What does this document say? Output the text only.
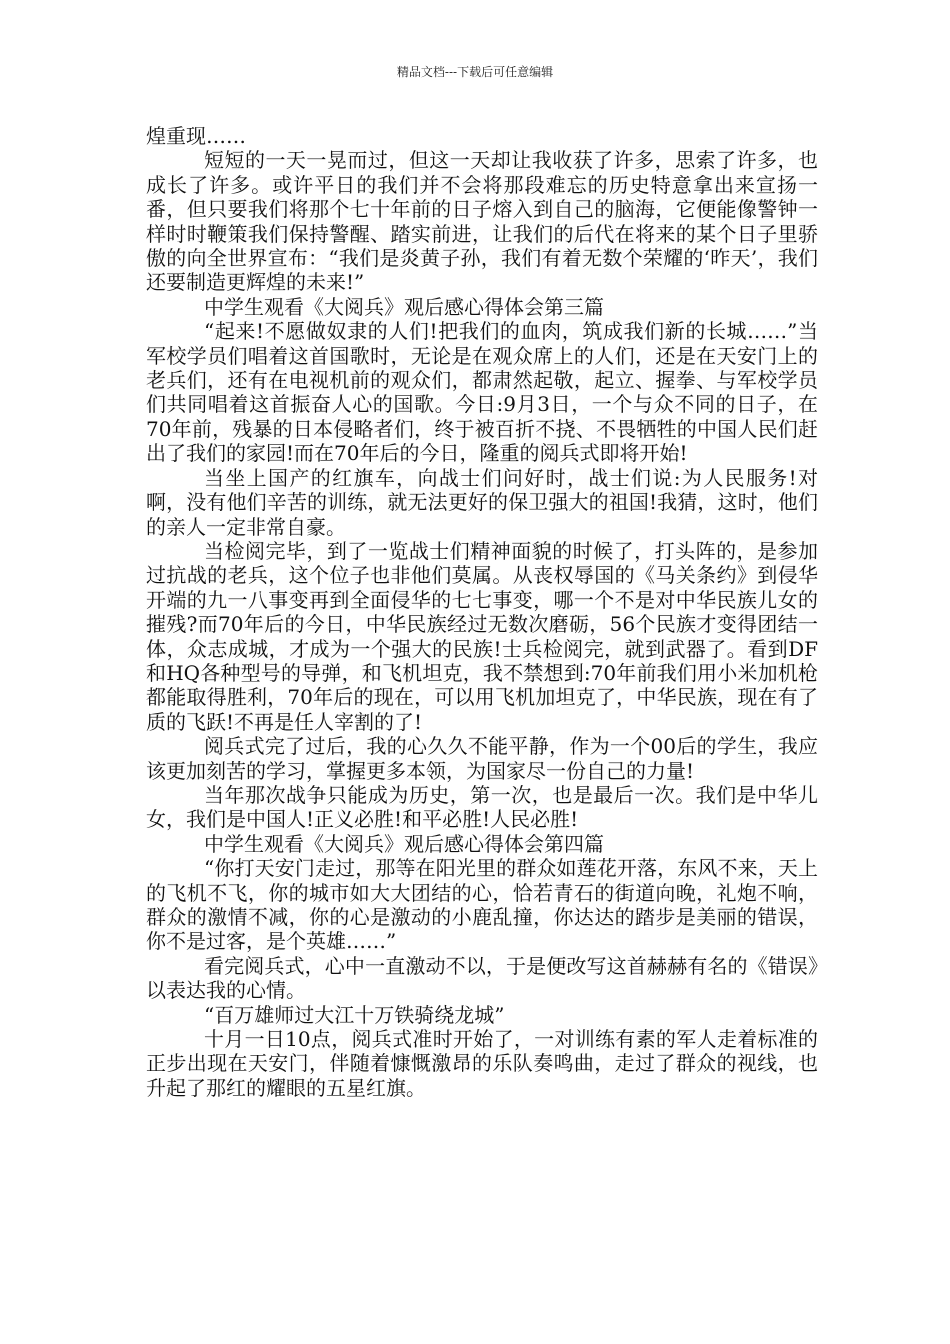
精品文档---下载后可任意编辑

煌重现……

短短的一天一晃而过，但这一天却让我收获了许多，思索了许多，也成长了许多。或许平日的我们并不会将那段难忘的历史特意拿出来宣扬一番，但只要我们将那个七十年前的日子熔入到自己的脑海，它便能像警钟一样时时鞭策我们保持警醒、踏实前进，让我们的后代在将来的某个日子里骄傲的向全世界宣布：“我们是炎黄子孙，我们有着无数个荣耀的‘昨天’，我们还要制造更辉煌的未来!”

中学生观看《大阅兵》观后感心得体会第三篇

“起来!不愿做奴隶的人们!把我们的血肉，筑成我们新的长城……”当军校学员们唱着这首国歌时，无论是在观众席上的人们，还是在天安门上的老兵们，还有在电视机前的观众们，都肃然起敬，起立、握拳、与军校学员们共同唱着这首振奋人心的国歌。今日:9月3日，一个与众不同的日子，在70年前，残暴的日本侵略者们，终于被百折不挠、不畏牺牲的中国人民们赶出了我们的家园!而在70年后的今日，隆重的阅兵式即将开始!

当坐上国产的红旗车，向战士们问好时，战士们说:为人民服务!对啊，没有他们辛苦的训练，就无法更好的保卫强大的祖国!我猜，这时，他们的亲人一定非常自豪。

当检阅完毕，到了一览战士们精神面貌的时候了，打头阵的，是参加过抗战的老兵，这个位子也非他们莫属。从丧权辱国的《马关条约》到侵华开端的九一八事变再到全面侵华的七七事变，哪一个不是对中华民族儿女的摧残?而70年后的今日，中华民族经过无数次磨砺，56个民族才变得团结一体，众志成城，才成为一个强大的民族!士兵检阅完，就到武器了。看到DF和HQ各种型号的导弹，和飞机坦克，我不禁想到:70年前我们用小米加机枪都能取得胜利，70年后的现在，可以用飞机加坦克了，中华民族，现在有了质的飞跃!不再是任人宰割的了!

阅兵式完了过后，我的心久久不能平静，作为一个00后的学生，我应该更加刻苦的学习，掌握更多本领，为国家尽一份自己的力量!

当年那次战争只能成为历史，第一次，也是最后一次。我们是中华儿女，我们是中国人!正义必胜!和平必胜!人民必胜!

中学生观看《大阅兵》观后感心得体会第四篇

“你打天安门走过，那等在阳光里的群众如莲花开落，东风不来，天上的飞机不飞，你的城市如大大团结的心，恰若青石的街道向晚，礼炮不响，群众的激情不减，你的心是激动的小鹿乱撞，你达达的踏步是美丽的错误，你不是过客，是个英雄……”

看完阅兵式，心中一直激动不以，于是便改写这首赫赫有名的《错误》以表达我的心情。

“百万雄师过大江十万铁骑绕龙城”

十月一日10点，阅兵式准时开始了，一对训练有素的军人走着标准的正步出现在天安门，伴随着慷慨激昂的乐队奏鸣曲，走过了群众的视线，也升起了那红的耀眼的五星红旗。
